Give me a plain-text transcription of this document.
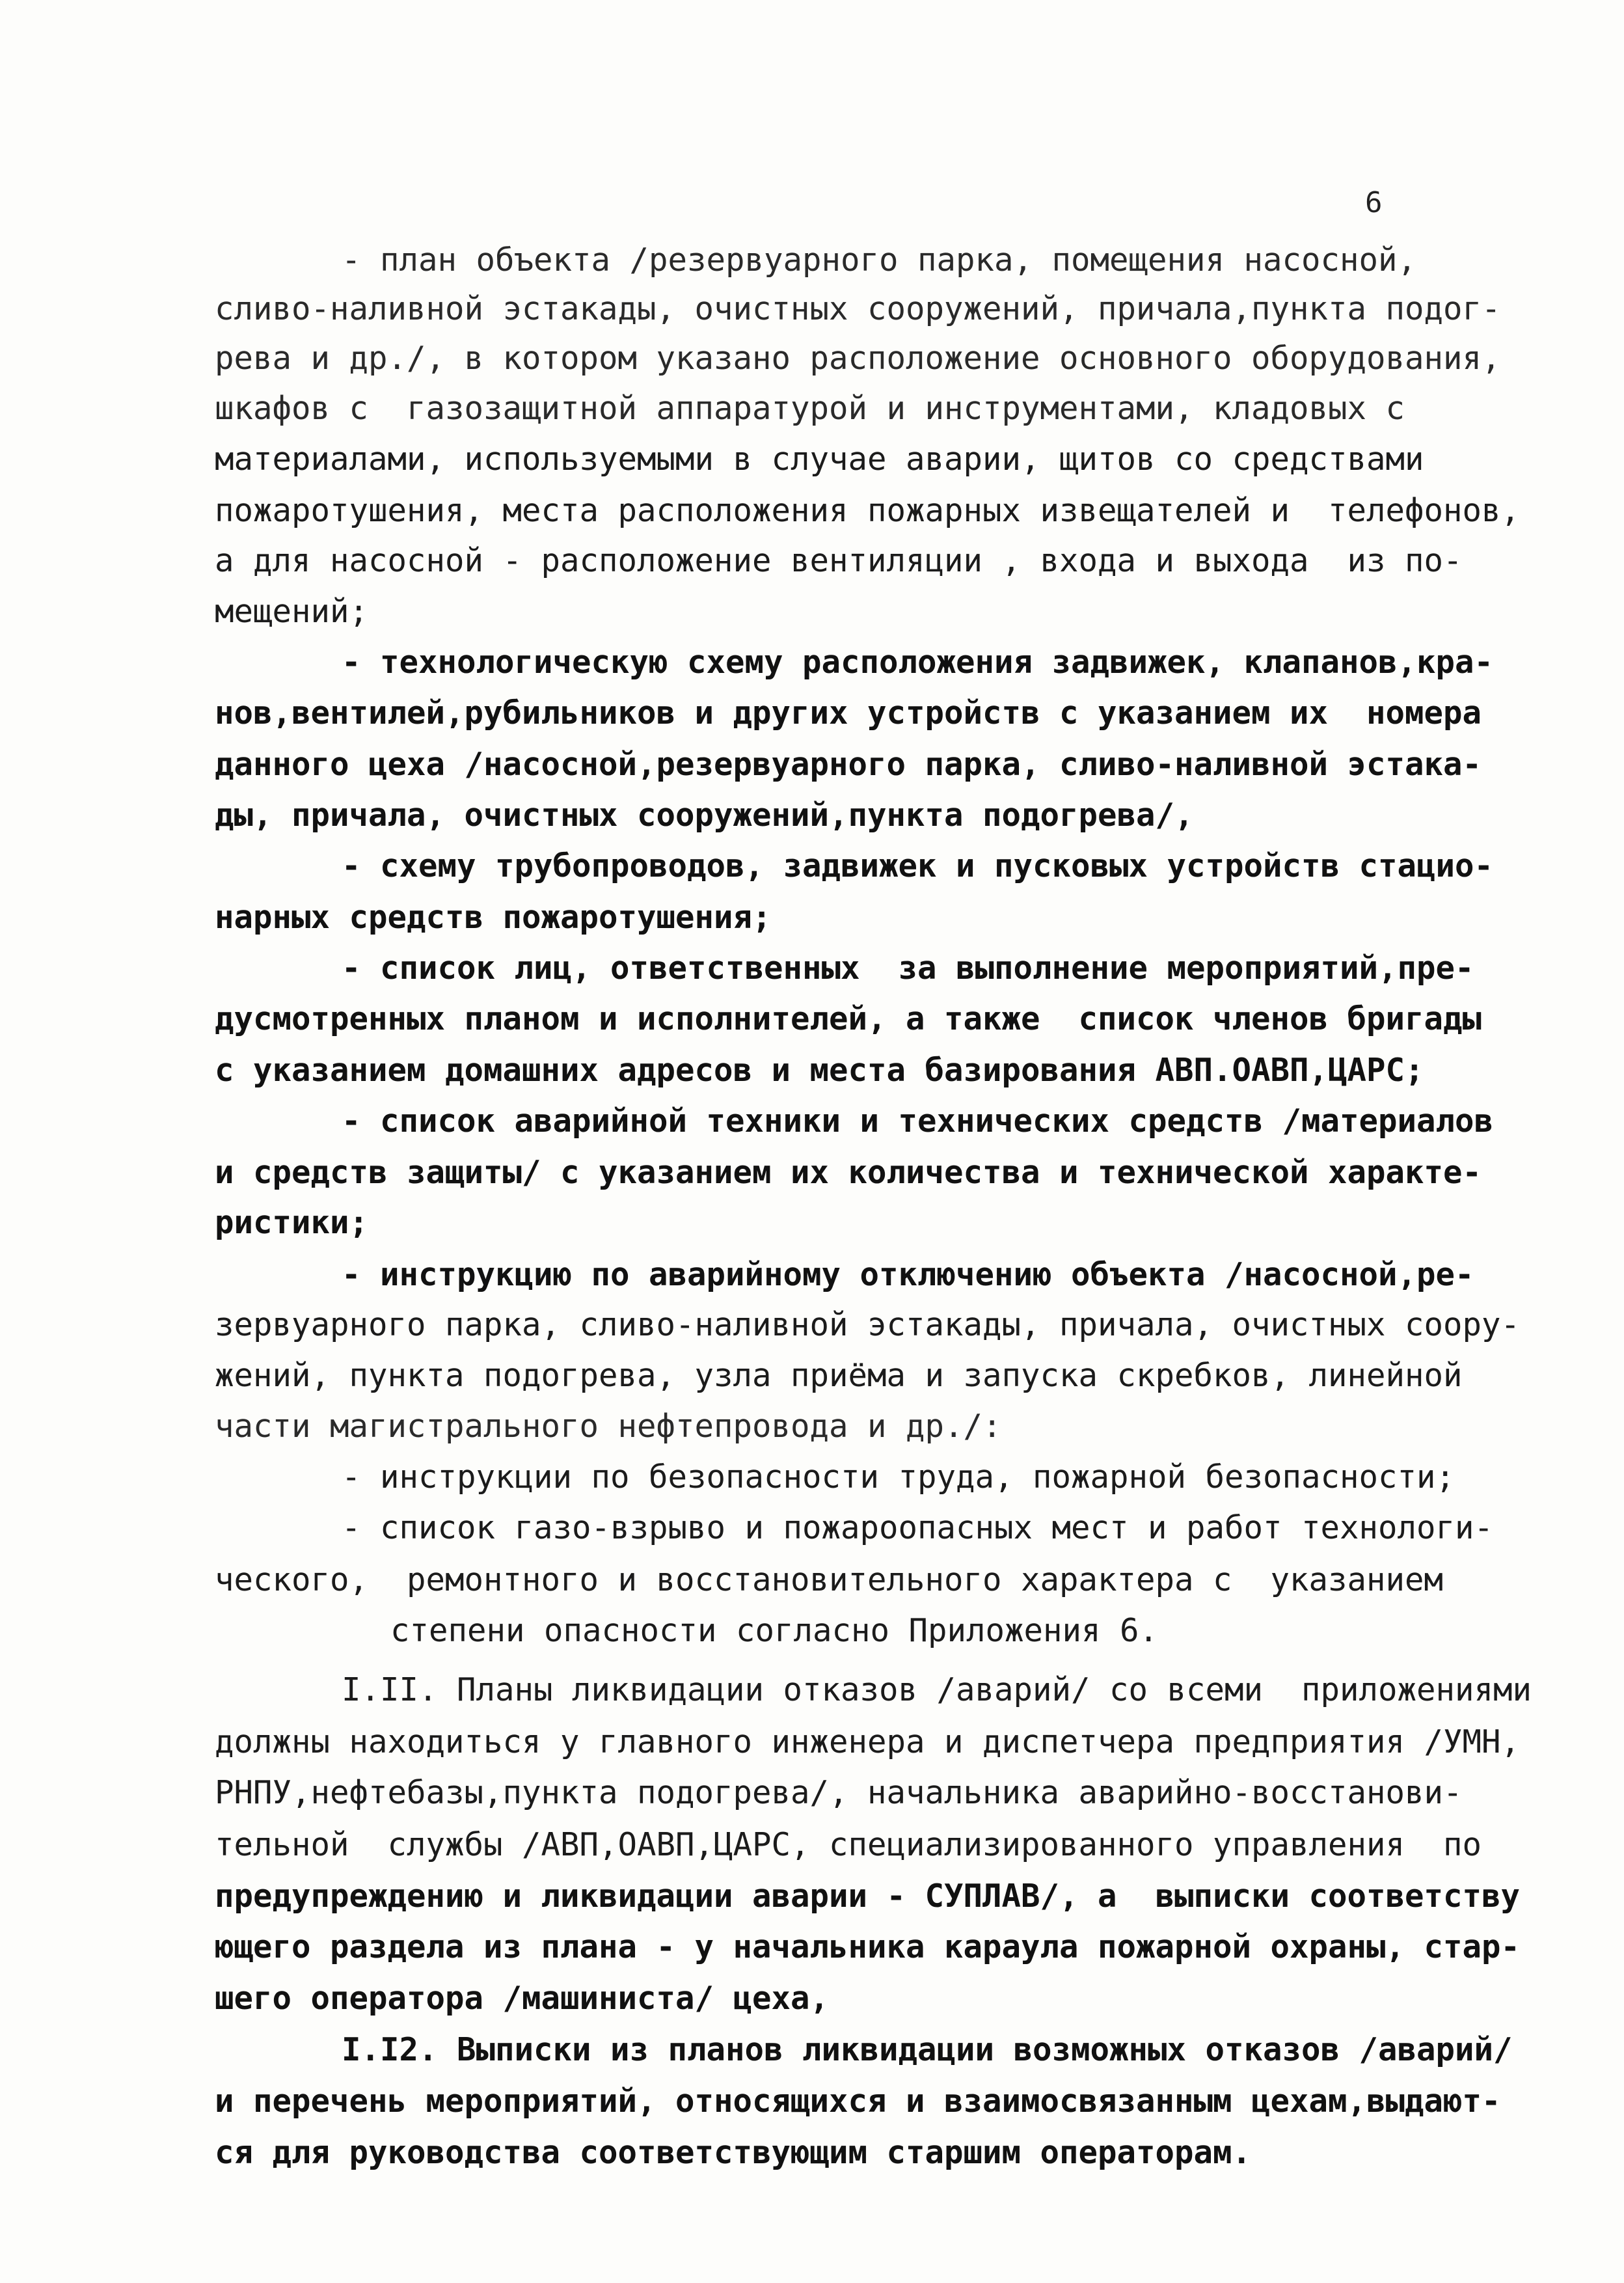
6
- план объекта /резервуарного парка, помещения насосной,
сливо-наливной эстакады, очистных сооружений, причала,пункта подог-
рева и др./, в котором указано расположение основного оборудования,
шкафов с  газозащитной аппаратурой и инструментами, кладовых с
материалами, используемыми в случае аварии, щитов со средствами
пожаротушения, места расположения пожарных извещателей и  телефонов,
а для насосной - расположение вентиляции , входа и выхода  из по-
мещений;
- технологическую схему расположения задвижек, клапанов,кра-
нов,вентилей,рубильников и других устройств с указанием их  номера
данного цеха /насосной,резервуарного парка, сливо-наливной эстака-
ды, причала, очистных сооружений,пункта подогрева/,
- схему трубопроводов, задвижек и пусковых устройств стацио-
нарных средств пожаротушения;
- список лиц, ответственных  за выполнение мероприятий,пре-
дусмотренных планом и исполнителей, а также  список членов бригады
с указанием домашних адресов и места базирования АВП.ОАВП,ЦАРС;
- список аварийной техники и технических средств /материалов
и средств защиты/ с указанием их количества и технической характе-
ристики;
- инструкцию по аварийному отключению объекта /насосной,ре-
зервуарного парка, сливо-наливной эстакады, причала, очистных соору-
жений, пункта подогрева, узла приёма и запуска скребков, линейной
части магистрального нефтепровода и др./:
- инструкции по безопасности труда, пожарной безопасности;
- список газо-взрыво и пожароопасных мест и работ технологи-
ческого,  ремонтного и восстановительного характера с  указанием
степени опасности согласно Приложения 6.
I.II. Планы ликвидации отказов /аварий/ со всеми  приложениями
должны находиться у главного инженера и диспетчера предприятия /УМН,
РНПУ,нефтебазы,пункта подогрева/, начальника аварийно-восстанови-
тельной  службы /АВП,ОАВП,ЦАРС, специализированного управления  по
предупреждению и ликвидации аварии - СУПЛАВ/, а  выписки соответству
ющего раздела из плана - у начальника караула пожарной охраны, стар-
шего оператора /машиниста/ цеха,
I.I2. Выписки из планов ликвидации возможных отказов /аварий/
и перечень мероприятий, относящихся и взаимосвязанным цехам,выдают-
ся для руководства соответствующим старшим операторам.
